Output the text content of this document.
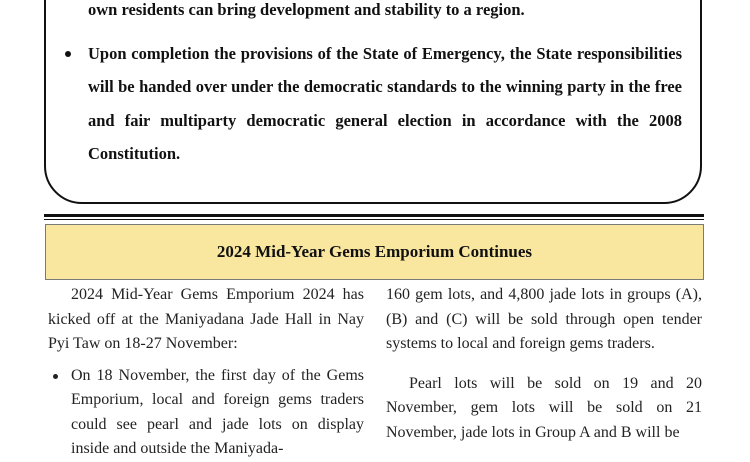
own residents can bring development and stability to a region.

Upon completion the provisions of the State of Emergency, the State responsibilities will be handed over under the democratic standards to the winning party in the free and fair multiparty democratic general election in accordance with the 2008 Constitution.

2024 Mid-Year Gems Emporium Continues

2024 Mid-Year Gems Emporium 2024 has kicked off at the Maniyadana Jade Hall in Nay Pyi Taw on 18-27 November:

On 18 November, the first day of the Gems Emporium, local and foreign gems traders could see pearl and jade lots on display inside and outside the Maniyada-

160 gem lots, and 4,800 jade lots in groups (A), (B) and (C) will be sold through open tender systems to local and foreign gems traders.

Pearl lots will be sold on 19 and 20 November, gem lots will be sold on 21 November, jade lots in Group A and B will be
